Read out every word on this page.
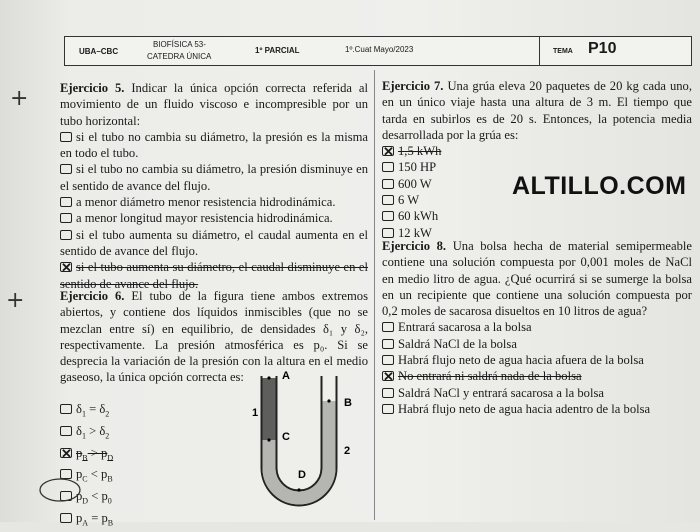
UBA–CBC
BIOFÍSICA 53-
CATEDRA ÚNICA
1º PARCIAL	1º.Cuat Mayo/2023	TEMA P10
+
+

Ejercicio 5. Indicar la única opción correcta referida al movimiento de un fluido viscoso e incompresible por un tubo horizontal:

si el tubo no cambia su diámetro, la presión es la misma en todo el tubo.

si el tubo no cambia su diámetro, la presión disminuye en el sentido de avance del flujo.

a menor diámetro menor resistencia hidrodinámica.

a menor longitud mayor resistencia hidrodinámica.

si el tubo aumenta su diámetro, el caudal aumenta en el sentido de avance del flujo.

✕si el tubo aumenta su diámetro, el caudal disminuye en el sentido de avance del flujo.

Ejercicio 6. El tubo de la figura tiene ambos extremos abiertos, y contiene dos líquidos inmiscibles (que no se mezclan entre sí) en equilibrio, de densidades δ₁ y δ₂, respectivamente. La presión atmosférica es p₀. Si se desprecia la variación de la presión con la altura en el medio gaseoso, la única opción correcta es:

$\delta_1 = \delta_2$

$\delta_1 > \delta_2$

$✕p_B > p_D$

$p_C < p_B$

$p_D < p_0$

$p_A = p_B$

A
B
C
D
1
2

Ejercicio 7. Una grúa eleva 20 paquetes de 20 kg cada uno, en un único viaje hasta una altura de 3 m. El tiempo que tarda en subirlos es de 20 s. Entonces, la potencia media desarrollada por la grúa es:

✕1,5 kWh

150 HP

600 W

6 W

60 kWh

12 kW

ALTILLO.COM

Ejercicio 8. Una bolsa hecha de material semipermeable contiene una solución compuesta por 0,001 moles de NaCl en medio litro de agua. ¿Qué ocurrirá si se sumerge la bolsa en un recipiente que contiene una solución compuesta por 0,2 moles de sacarosa disueltos en 10 litros de agua?

Entrará sacarosa a la bolsa

Saldrá NaCl de la bolsa

Habrá flujo neto de agua hacia afuera de la bolsa

✕No entrará ni saldrá nada de la bolsa

Saldrá NaCl y entrará sacarosa a la bolsa

Habrá flujo neto de agua hacia adentro de la bolsa
